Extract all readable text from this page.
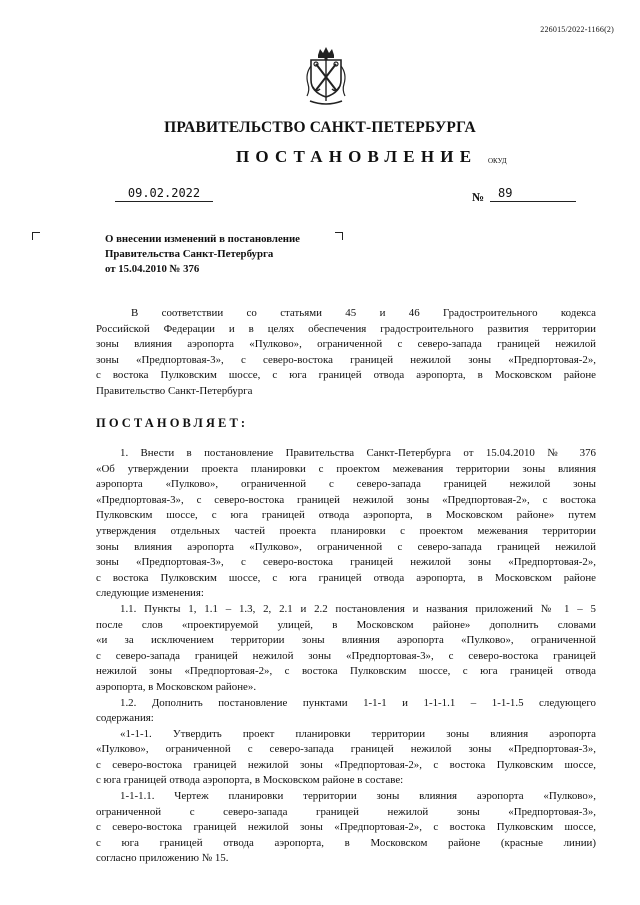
226015/2022-1166(2)
ПРАВИТЕЛЬСТВО САНКТ-ПЕТЕРБУРГА
ПОСТАНОВЛЕНИЕ ОКУД
09.02.2022	№	89
О внесении изменений в постановление
Правительства Санкт-Петербурга
от 15.04.2010 № 376
В соответствии со статьями 45 и 46 Градостроительного кодекса
Российской Федерации и в целях обеспечения градостроительного развития территории
зоны влияния аэропорта «Пулково», ограниченной с северо-запада границей нежилой
зоны «Предпортовая-3», с северо-востока границей нежилой зоны «Предпортовая-2»,
с востока Пулковским шоссе, с юга границей отвода аэропорта, в Московском районе
Правительство Санкт-Петербурга
ПОСТАНОВЛЯЕТ:
1. Внести в постановление Правительства Санкт-Петербурга от 15.04.2010 № 376
«Об утверждении проекта планировки с проектом межевания территории зоны влияния
аэропорта «Пулково», ограниченной с северо-запада границей нежилой зоны
«Предпортовая-3», с северо-востока границей нежилой зоны «Предпортовая-2», с востока
Пулковским шоссе, с юга границей отвода аэропорта, в Московском районе» путем
утверждения отдельных частей проекта планировки с проектом межевания территории
зоны влияния аэропорта «Пулково», ограниченной с северо-запада границей нежилой
зоны «Предпортовая-3», с северо-востока границей нежилой зоны «Предпортовая-2»,
с востока Пулковским шоссе, с юга границей отвода аэропорта, в Московском районе
следующие изменения:
1.1. Пункты 1, 1.1 – 1.3, 2, 2.1 и 2.2 постановления и названия приложений № 1 – 5
после слов «проектируемой улицей, в Московском районе» дополнить словами
«и за исключением территории зоны влияния аэропорта «Пулково», ограниченной
с северо-запада границей нежилой зоны «Предпортовая-3», с северо-востока границей
нежилой зоны «Предпортовая-2», с востока Пулковским шоссе, с юга границей отвода
аэропорта, в Московском районе».
1.2. Дополнить постановление пунктами 1-1-1 и 1-1-1.1 – 1-1-1.5 следующего
содержания:
«1-1-1. Утвердить проект планировки территории зоны влияния аэропорта
«Пулково», ограниченной с северо-запада границей нежилой зоны «Предпортовая-3»,
с северо-востока границей нежилой зоны «Предпортовая-2», с востока Пулковским шоссе,
с юга границей отвода аэропорта, в Московском районе в составе:
1-1-1.1. Чертеж планировки территории зоны влияния аэропорта «Пулково»,
ограниченной с северо-запада границей нежилой зоны «Предпортовая-3»,
с северо-востока границей нежилой зоны «Предпортовая-2», с востока Пулковским шоссе,
с юга границей отвода аэропорта, в Московском районе (красные линии)
согласно приложению № 15.
